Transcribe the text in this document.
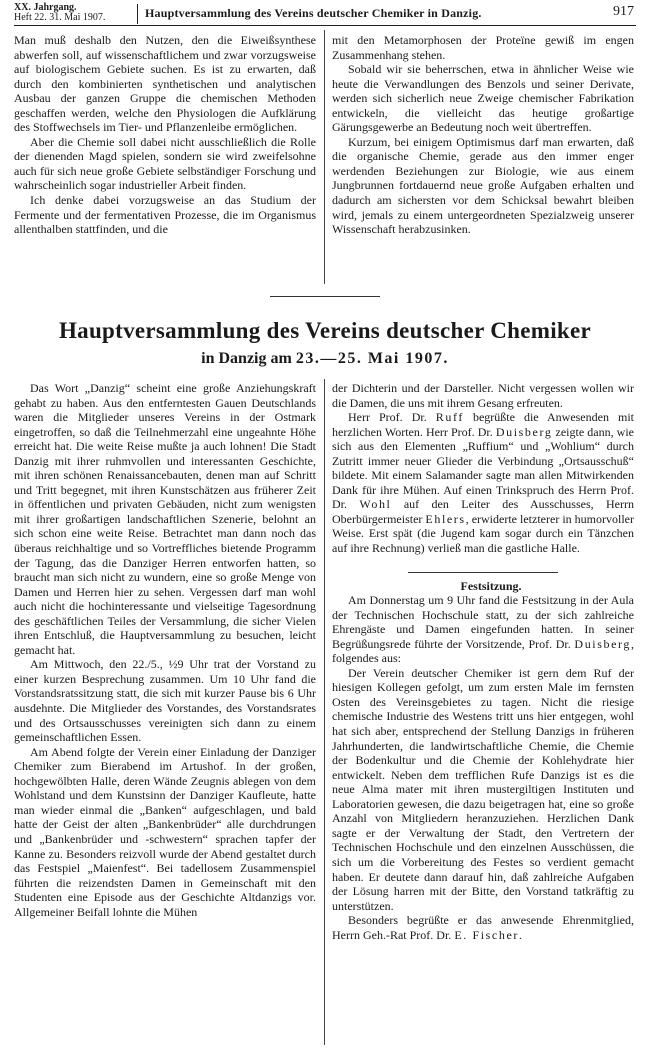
XX. Jahrgang.
Heft 22. 31. Mai 1907.	Hauptversammlung des Vereins deutscher Chemiker in Danzig.	917

Man muß deshalb den Nutzen, den die Eiweißsynthese abwerfen soll, auf wissenschaftlichem und zwar vorzugsweise auf biologischem Gebiete suchen. Es ist zu erwarten, daß durch den kombinierten synthetischen und analytischen Ausbau der ganzen Gruppe die chemischen Methoden geschaffen werden, welche den Physiologen die Aufklärung des Stoffwechsels im Tier- und Pflanzenleibe ermöglichen.

Aber die Chemie soll dabei nicht ausschließlich die Rolle der dienenden Magd spielen, sondern sie wird zweifelsohne auch für sich neue große Gebiete selbständiger Forschung und wahrscheinlich sogar industrieller Arbeit finden.

Ich denke dabei vorzugsweise an das Studium der Fermente und der fermentativen Prozesse, die im Organismus allenthalben stattfinden, und die

mit den Metamorphosen der Proteïne gewiß im engen Zusammenhang stehen.

Sobald wir sie beherrschen, etwa in ähnlicher Weise wie heute die Verwandlungen des Benzols und seiner Derivate, werden sich sicherlich neue Zweige chemischer Fabrikation entwickeln, die vielleicht das heutige großartige Gärungsgewerbe an Bedeutung noch weit übertreffen.

Kurzum, bei einigem Optimismus darf man erwarten, daß die organische Chemie, gerade aus den immer enger werdenden Beziehungen zur Biologie, wie aus einem Jungbrunnen fortdauernd neue große Aufgaben erhalten und dadurch am sichersten vor dem Schicksal bewahrt bleiben wird, jemals zu einem untergeordneten Spezialzweig unserer Wissenschaft herabzusinken.

Hauptversammlung des Vereins deutscher Chemiker
in Danzig am 23.—25. Mai 1907.

Das Wort „Danzig“ scheint eine große Anziehungskraft gehabt zu haben. Aus den entferntesten Gauen Deutschlands waren die Mitglieder unseres Vereins in der Ostmark eingetroffen, so daß die Teilnehmerzahl eine ungeahnte Höhe erreicht hat. Die weite Reise mußte ja auch lohnen! Die Stadt Danzig mit ihrer ruhmvollen und interessanten Geschichte, mit ihren schönen Renaissancebauten, denen man auf Schritt und Tritt begegnet, mit ihren Kunstschätzen aus früherer Zeit in öffentlichen und privaten Gebäuden, nicht zum wenigsten mit ihrer großartigen landschaftlichen Szenerie, belohnt an sich schon eine weite Reise. Betrachtet man dann noch das überaus reichhaltige und so Vortreffliches bietende Programm der Tagung, das die Danziger Herren entworfen hatten, so braucht man sich nicht zu wundern, eine so große Menge von Damen und Herren hier zu sehen. Vergessen darf man wohl auch nicht die hochinteressante und vielseitige Tagesordnung des geschäftlichen Teiles der Versammlung, die sicher Vielen ihren Entschluß, die Hauptversammlung zu besuchen, leicht gemacht hat.

Am Mittwoch, den 22./5., ½9 Uhr trat der Vorstand zu einer kurzen Besprechung zusammen. Um 10 Uhr fand die Vorstandsratssitzung statt, die sich mit kurzer Pause bis 6 Uhr ausdehnte. Die Mitglieder des Vorstandes, des Vorstandsrates und des Ortsausschusses vereinigten sich dann zu einem gemeinschaftlichen Essen.

Am Abend folgte der Verein einer Einladung der Danziger Chemiker zum Bierabend im Artushof. In der großen, hochgewölbten Halle, deren Wände Zeugnis ablegen von dem Wohlstand und dem Kunstsinn der Danziger Kaufleute, hatte man wieder einmal die „Banken“ aufgeschlagen, und bald hatte der Geist der alten „Bankenbrüder“ alle durchdrungen und „Bankenbrüder und -schwestern“ sprachen tapfer der Kanne zu. Besonders reizvoll wurde der Abend gestaltet durch das Festspiel „Maienfest“. Bei tadellosem Zusammenspiel führten die reizendsten Damen in Gemeinschaft mit den Studenten eine Episode aus der Geschichte Altdanzigs vor. Allgemeiner Beifall lohnte die Mühen

der Dichterin und der Darsteller. Nicht vergessen wollen wir die Damen, die uns mit ihrem Gesang erfreuten.

Herr Prof. Dr. Ruff begrüßte die Anwesenden mit herzlichen Worten. Herr Prof. Dr. Duisberg zeigte dann, wie sich aus den Elementen „Ruffium“ und „Wohlium“ durch Zutritt immer neuer Glieder die Verbindung „Ortsausschuß“ bildete. Mit einem Salamander sagte man allen Mitwirkenden Dank für ihre Mühen. Auf einen Trinkspruch des Herrn Prof. Dr. Wohl auf den Leiter des Ausschusses, Herrn Oberbürgermeister Ehlers, erwiderte letzterer in humorvoller Weise. Erst spät (die Jugend kam sogar durch ein Tänzchen auf ihre Rechnung) verließ man die gastliche Halle.

Festsitzung.

Am Donnerstag um 9 Uhr fand die Festsitzung in der Aula der Technischen Hochschule statt, zu der sich zahlreiche Ehrengäste und Damen eingefunden hatten. In seiner Begrüßungsrede führte der Vorsitzende, Prof. Dr. Duisberg, folgendes aus:

Der Verein deutscher Chemiker ist gern dem Ruf der hiesigen Kollegen gefolgt, um zum ersten Male im fernsten Osten des Vereinsgebietes zu tagen. Nicht die riesige chemische Industrie des Westens tritt uns hier entgegen, wohl hat sich aber, entsprechend der Stellung Danzigs in früheren Jahrhunderten, die landwirtschaftliche Chemie, die Chemie der Bodenkultur und die Chemie der Kohlehydrate hier entwickelt. Neben dem trefflichen Rufe Danzigs ist es die neue Alma mater mit ihren mustergiltigen Instituten und Laboratorien gewesen, die dazu beigetragen hat, eine so große Anzahl von Mitgliedern heranzuziehen. Herzlichen Dank sagte er der Verwaltung der Stadt, den Vertretern der Technischen Hochschule und den einzelnen Ausschüssen, die sich um die Vorbereitung des Festes so verdient gemacht haben. Er deutete dann darauf hin, daß zahlreiche Aufgaben der Lösung harren mit der Bitte, den Vorstand tatkräftig zu unterstützen.

Besonders begrüßte er das anwesende Ehrenmitglied, Herrn Geh.-Rat Prof. Dr. E. Fischer.
